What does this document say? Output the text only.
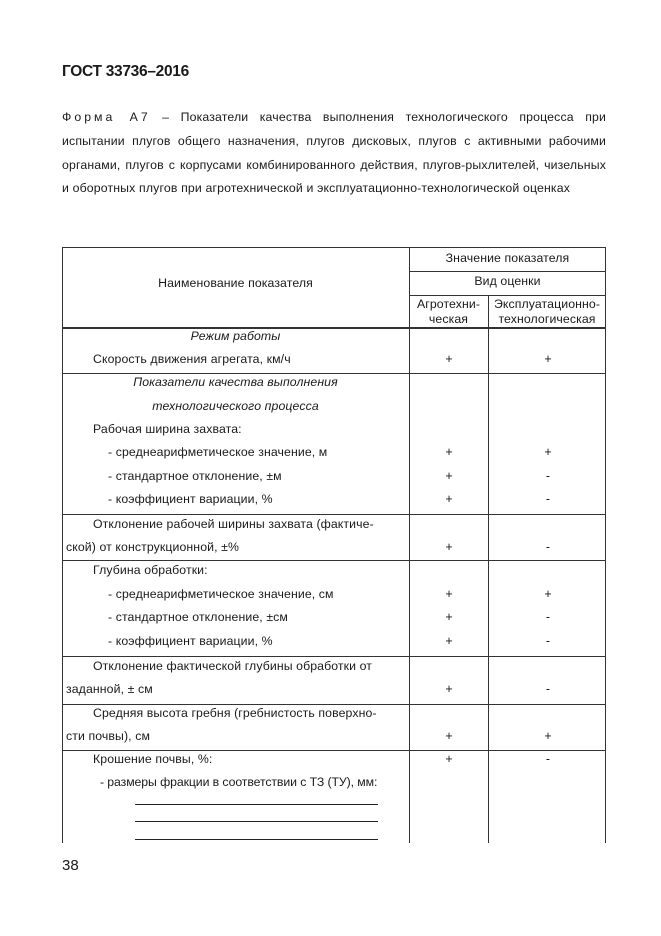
ГОСТ 33736–2016
Форма А7 – Показатели качества выполнения технологического процесса при испытании плугов общего назначения, плугов дисковых, плугов с активными рабочими органами, плугов с корпусами комбинированного действия, плугов-рыхлителей, чизельных и оборотных плугов при агротехнической и эксплуатационно-технологической оценках
Наименование показателя
Значение показателя
Вид оценки
Агротехни-
ческая
Эксплуатационно-
технологическая
Режим работы
Скорость движения агрегата, км/ч	+	+
Показатели качества выполнения
технологического процесса
Рабочая ширина захвата:
- среднеарифметическое значение, м	+	+
- стандартное отклонение, ±м	+	-
- коэффициент вариации, %	+	-
Отклонение рабочей ширины захвата (фактиче-
ской) от конструкционной, ±%	+	-
Глубина обработки:
- среднеарифметическое значение, см	+	+
- стандартное отклонение, ±см	+	-
- коэффициент вариации, %	+	-
Отклонение фактической глубины обработки от
заданной, ± см	+	-
Средняя высота гребня (гребнистость поверхно-
сти почвы), см	+	+
Крошение почвы, %:	+	-
- размеры фракции в соответствии с ТЗ (ТУ), мм:
38
